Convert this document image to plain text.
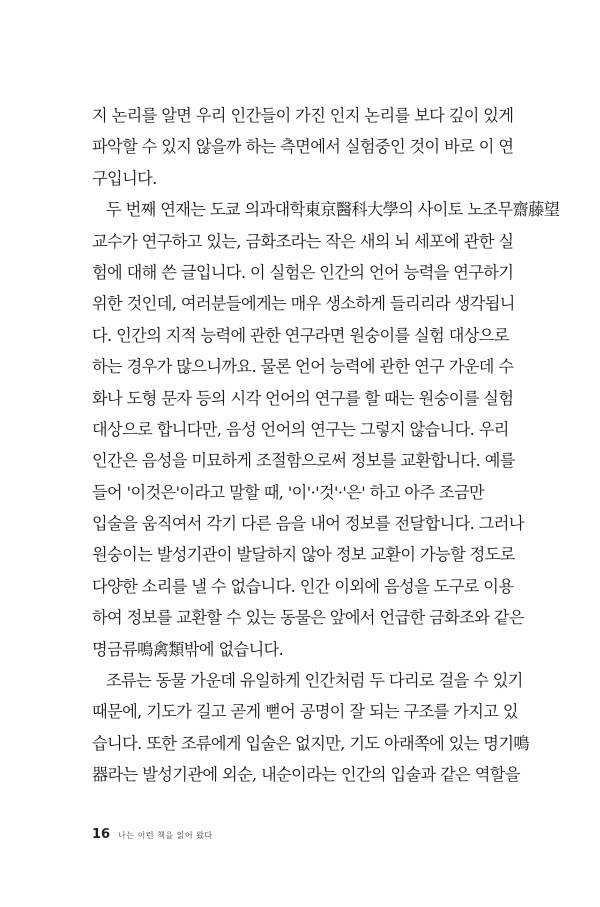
지 논리를 알면 우리 인간들이 가진 인지 논리를 보다 깊이 있게
파악할 수 있지 않을까 하는 측면에서 실험중인 것이 바로 이 연
구입니다.

두 번째 연재는 도쿄 의과대학東京醫科大學의 사이토 노조무齋藤望
교수가 연구하고 있는, 금화조라는 작은 새의 뇌 세포에 관한 실
험에 대해 쓴 글입니다. 이 실험은 인간의 언어 능력을 연구하기
위한 것인데, 여러분들에게는 매우 생소하게 들리리라 생각됩니
다. 인간의 지적 능력에 관한 연구라면 원숭이를 실험 대상으로
하는 경우가 많으니까요. 물론 언어 능력에 관한 연구 가운데 수
화나 도형 문자 등의 시각 언어의 연구를 할 때는 원숭이를 실험
대상으로 합니다만, 음성 언어의 연구는 그렇지 않습니다. 우리
인간은 음성을 미묘하게 조절함으로써 정보를 교환합니다. 예를
들어 '이것은'이라고 말할 때, '이'·'것'·'은' 하고 아주 조금만
입술을 움직여서 각기 다른 음을 내어 정보를 전달합니다. 그러나
원숭이는 발성기관이 발달하지 않아 정보 교환이 가능할 정도로
다양한 소리를 낼 수 없습니다. 인간 이외에 음성을 도구로 이용
하여 정보를 교환할 수 있는 동물은 앞에서 언급한 금화조와 같은
명금류鳴禽類밖에 없습니다.

조류는 동물 가운데 유일하게 인간처럼 두 다리로 걸을 수 있기
때문에, 기도가 길고 곧게 뻗어 공명이 잘 되는 구조를 가지고 있
습니다. 또한 조류에게 입술은 없지만, 기도 아래쪽에 있는 명기鳴
器라는 발성기관에 외순, 내순이라는 인간의 입술과 같은 역할을

16 나는 이런 책을 읽어 왔다
